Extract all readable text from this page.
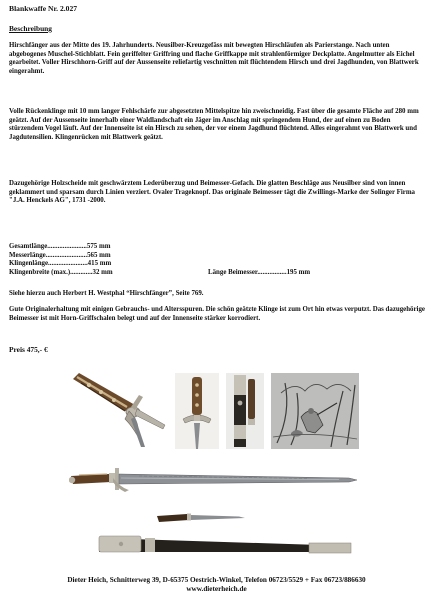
Blankwaffe Nr. 2.027
Beschreibung
Hirschfänger aus der Mitte des 19. Jahrhunderts. Neusilber-Kreuzgefäss mit bewegten Hirschläufen als Parierstange. Nach unten abgebogenes Muschel-Stichblatt. Fein geriffelter Griffring und flache Griffkappe mit strahlenförmiger Deckplatte. Angelmutter als Eichel gearbeitet. Voller Hirschhorn-Griff auf der Aussenseite reliefartig veschnitten mit flüchtendem Hirsch und drei Jagdhunden, von Blattwerk eingerahmt.
Volle Rückenklinge mit 10 mm langer Fehlschärfe zur abgesetzten Mittelspitze hin zweischneidig. Fast über die gesamte Fläche auf 280 mm geätzt. Auf der Aussenseite innerhalb einer Waldlandschaft ein Jäger im Anschlag mit springendem Hund, der auf einen zu Boden stürzendem Vogel läuft. Auf der Innenseite ist ein Hirsch zu sehen, der vor einem Jagdhund flüchtend. Alles eingerahmt von Blattwerk und Jagdutensilien. Klingenrücken mit Blattwerk geätzt.
Dazugehörige Holzscheide mit geschwärztem Lederüberzug und Beimesser-Gefach. Die glatten Beschläge aus Neusilber sind von innen geklammert und sparsam durch Linien verziert. Ovaler Trageknopf. Das originale Beimesser tägt die Zwillings-Marke der Solinger Firma "J.A. Henckels AG", 1731 -2000.
Gesamtlänge.......................575 mm
Messerlänge........................565 mm
Klingenlänge.......................415 mm
Klingenbreite (max.).............32 mm	Länge Beimesser.................195 mm
Siehe hierzu auch Herbert H. Westphal “Hirschfänger”, Seite 769.
Gute Originalerhaltung mit einigen Gebrauchs- und Altersspuren. Die schön geätzte Klinge ist zum Ort hin etwas verputzt. Das dazugehörige Beimesser ist mit Horn-Griffschalen belegt und auf der Innenseite stärker korrodiert.
Preis 475,- €
Dieter Heich, Schnitterweg 39, D-65375 Oestrich-Winkel, Telefon 06723/5529 + Fax 06723/886630
www.dieterheich.de
